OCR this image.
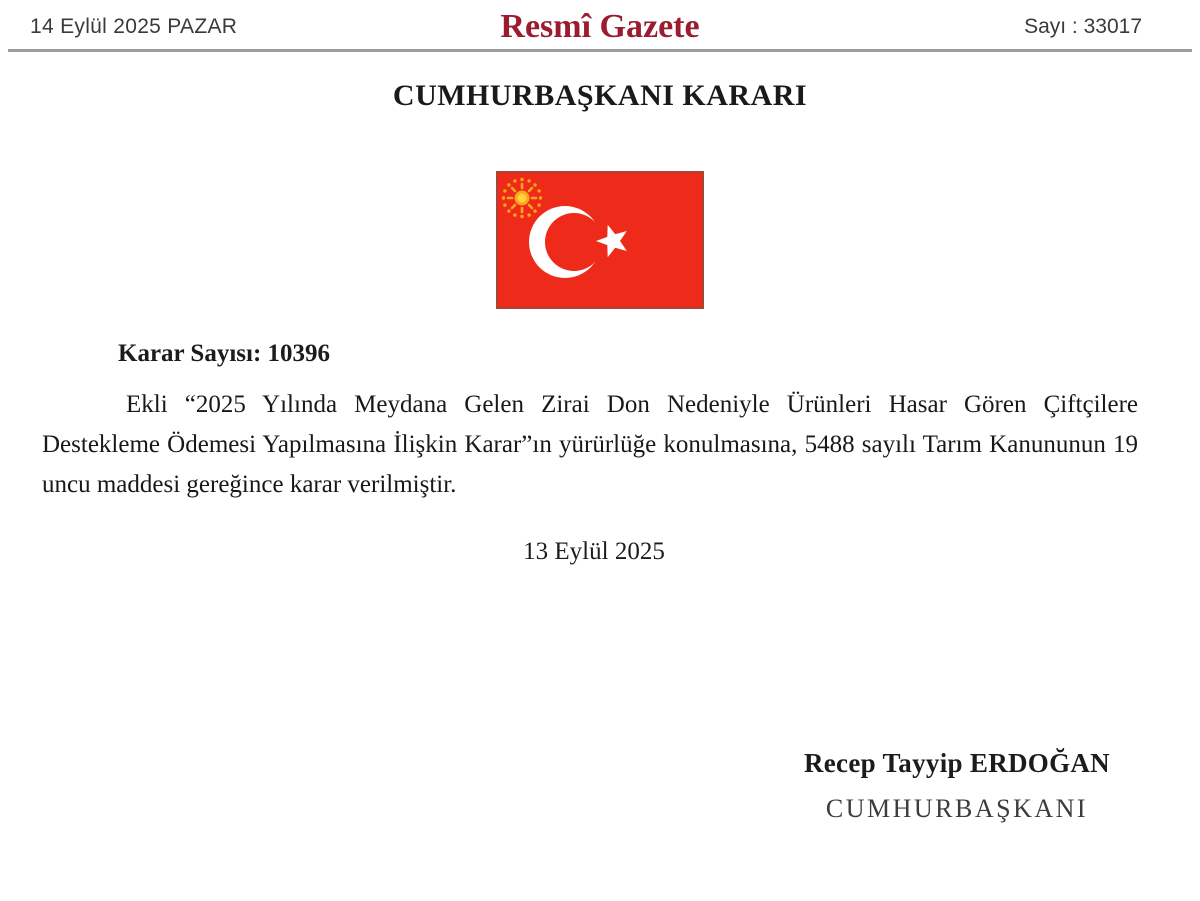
14 Eylül 2025 PAZAR	Resmî Gazete	Sayı : 33017
CUMHURBAŞKANI KARARI
Karar Sayısı: 10396

Ekli “2025 Yılında Meydana Gelen Zirai Don Nedeniyle Ürünleri Hasar Gören Çiftçilere Destekleme Ödemesi Yapılmasına İlişkin Karar”ın yürürlüğe konulmasına, 5488 sayılı Tarım Kanununun 19 uncu maddesi gereğince karar verilmiştir.

13 Eylül 2025
Recep Tayyip ERDOĞAN
CUMHURBAŞKANI
